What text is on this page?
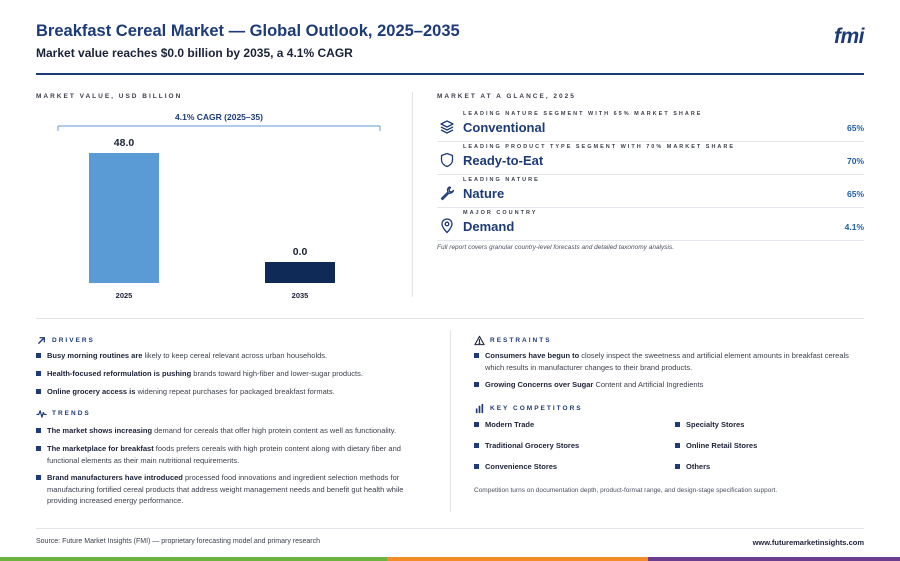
Breakfast Cereal Market — Global Outlook, 2025–2035
Market value reaches $0.0 billion by 2035, a 4.1% CAGR
fmi
MARKET VALUE, USD BILLION
4.1% CAGR (2025–35)
48.0
2025
0.0
2035
MARKET AT A GLANCE, 2025
LEADING NATURE SEGMENT WITH 65% MARKET SHARE
Conventional	65%
LEADING PRODUCT TYPE SEGMENT WITH 70% MARKET SHARE
Ready-to-Eat	70%
LEADING NATURE
Nature	65%
MAJOR COUNTRY
Demand	4.1%
Full report covers granular country-level forecasts and detailed taxonomy analysis.
DRIVERS
Busy morning routines are likely to keep cereal relevant across urban households.
Health-focused reformulation is pushing brands toward high-fiber and lower-sugar products.
Online grocery access is widening repeat purchases for packaged breakfast formats.
TRENDS
The market shows increasing demand for cereals that offer high protein content as well as functionality.
The marketplace for breakfast foods prefers cereals with high protein content along with dietary fiber and functional elements as their main nutritional requirements.
Brand manufacturers have introduced processed food innovations and ingredient selection methods for manufacturing fortified cereal products that address weight management needs and benefit gut health while providing increased energy performance.
RESTRAINTS
Consumers have begun to closely inspect the sweetness and artificial element amounts in breakfast cereals which results in manufacturer changes to their brand products.
Growing Concerns over Sugar Content and Artificial Ingredients
KEY COMPETITORS
Modern Trade	Specialty Stores
Traditional Grocery Stores	Online Retail Stores
Convenience Stores	Others
Competition turns on documentation depth, product-format range, and design-stage specification support.
Source: Future Market Insights (FMI) — proprietary forecasting model and primary research	www.futuremarketinsights.com
